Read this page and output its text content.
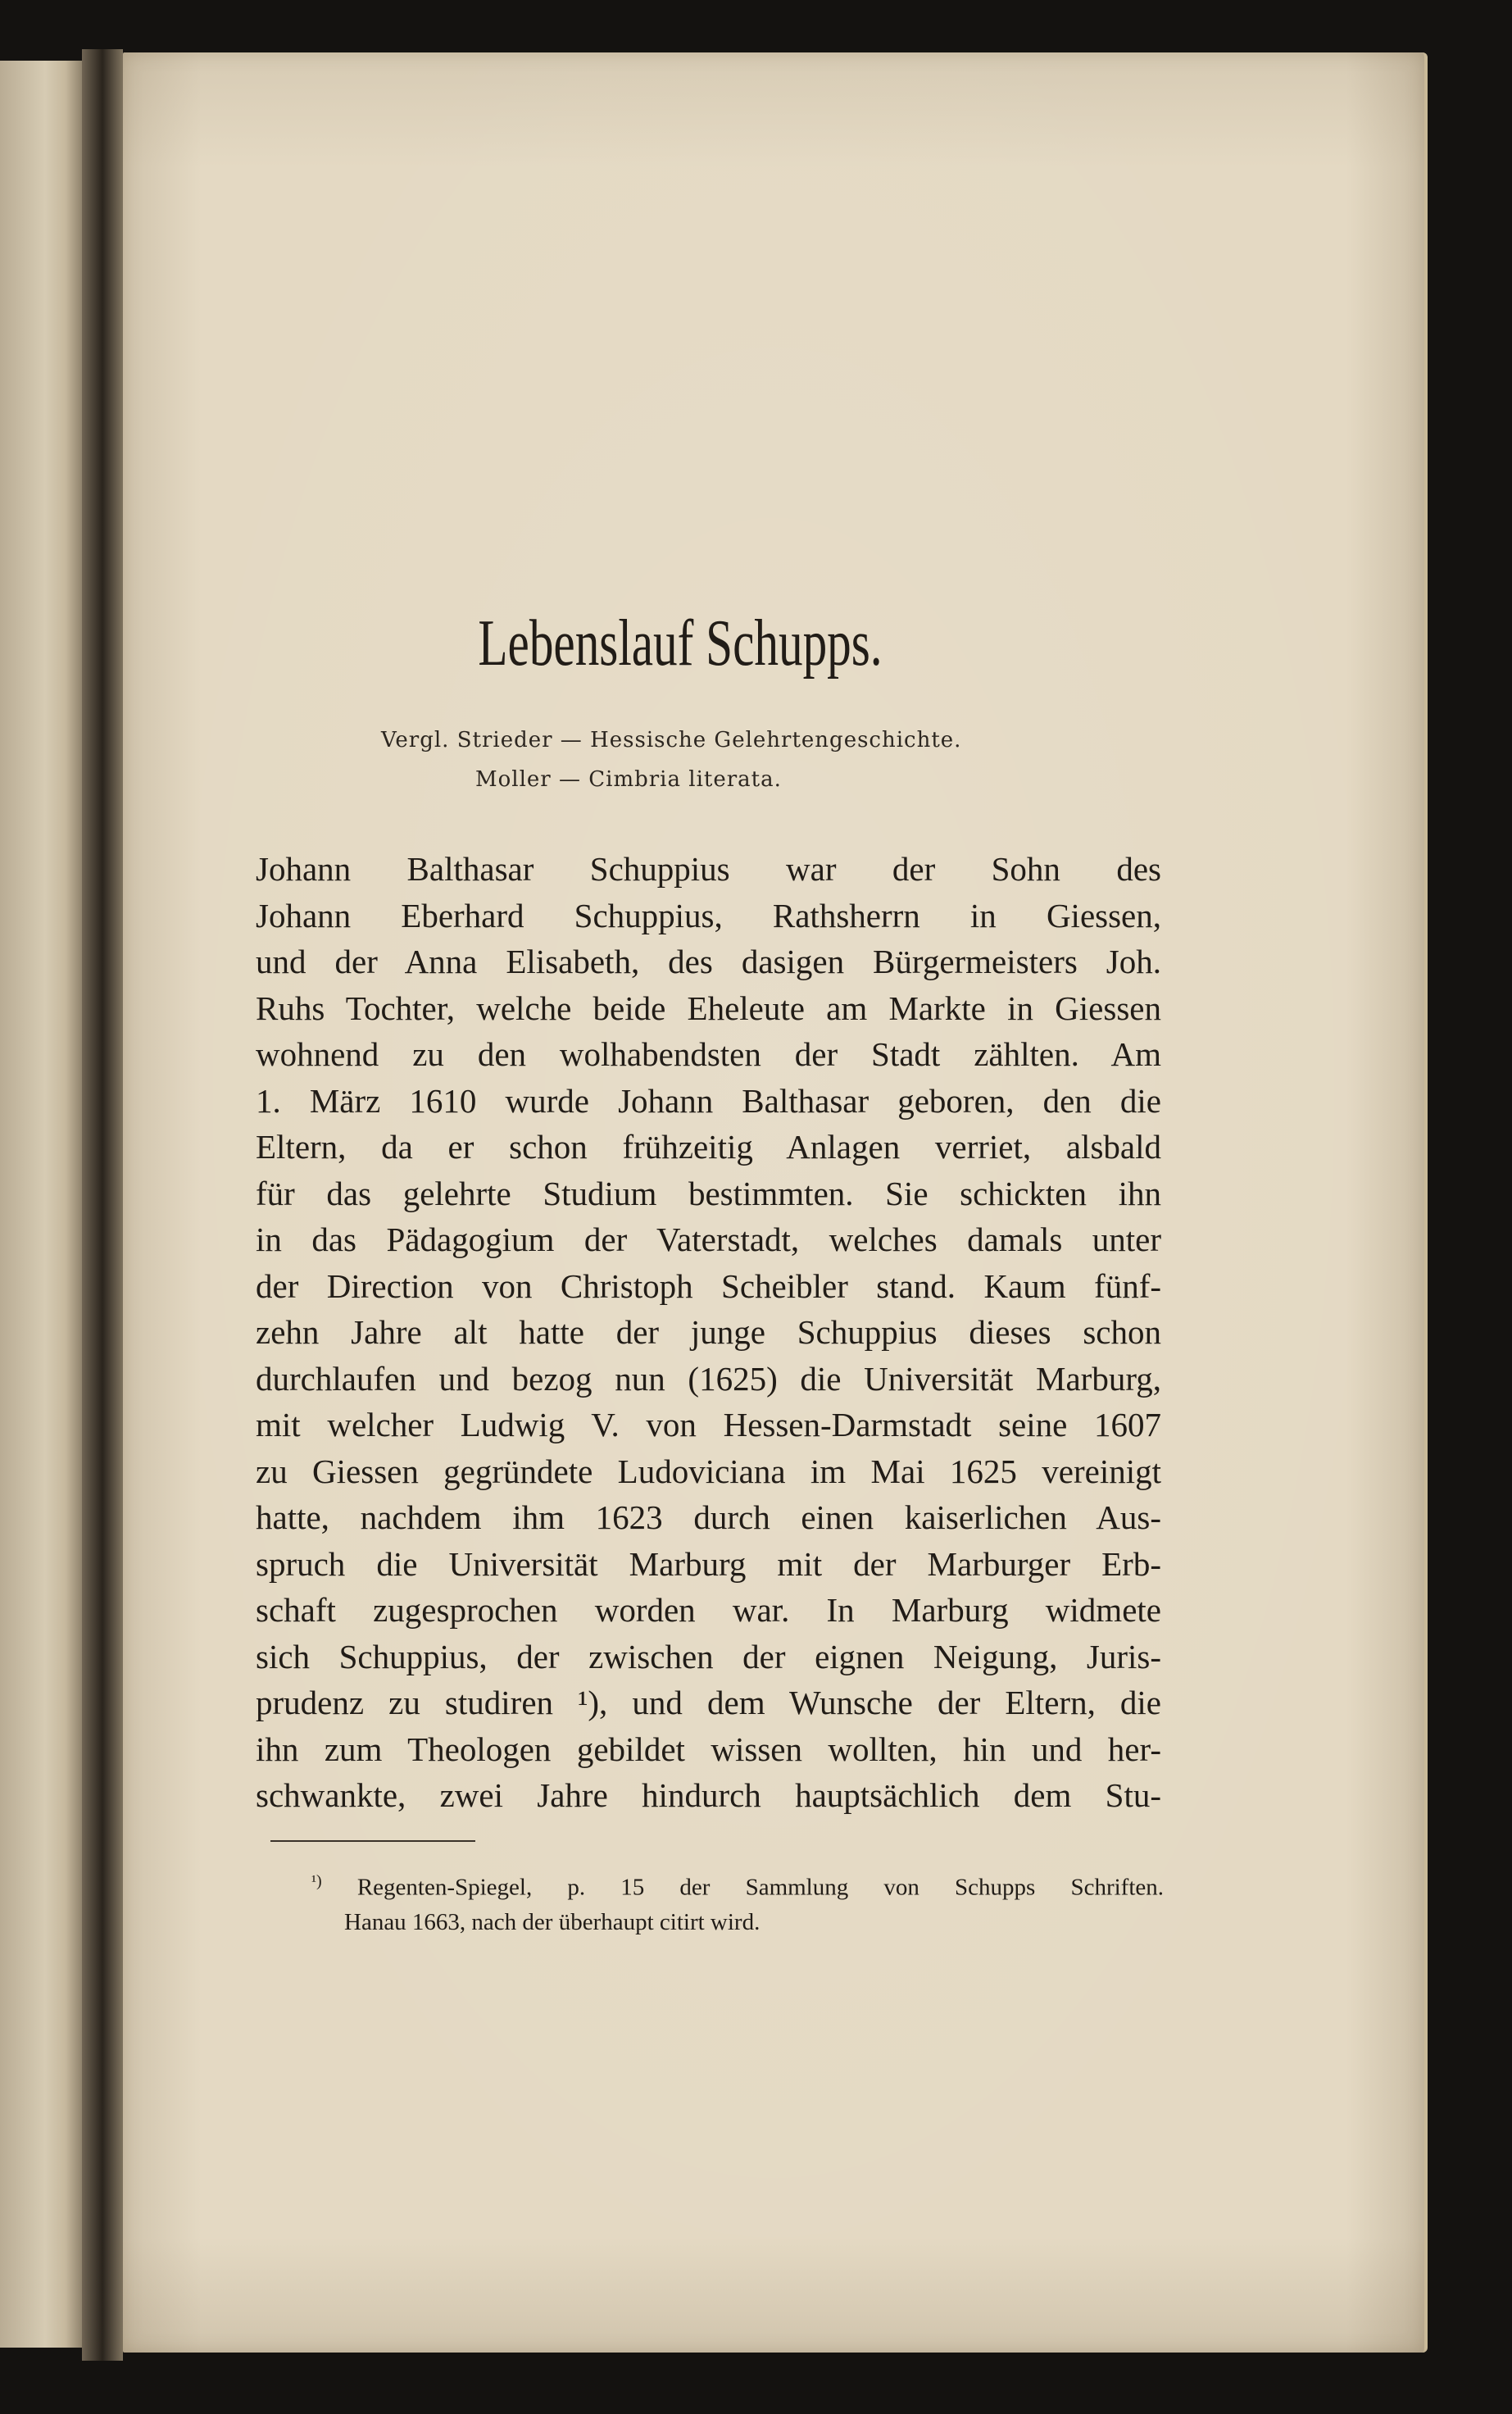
Lebenslauf Schupps.
Vergl. Strieder — Hessische Gelehrtengeschichte.
Moller — Cimbria literata.
Johann Balthasar Schuppius war der Sohn des
Johann Eberhard Schuppius, Rathsherrn in Giessen,
und der Anna Elisabeth, des dasigen Bürgermeisters Joh.
Ruhs Tochter, welche beide Eheleute am Markte in Giessen
wohnend zu den wolhabendsten der Stadt zählten. Am
1. März 1610 wurde Johann Balthasar geboren, den die
Eltern, da er schon frühzeitig Anlagen verriet, alsbald
für das gelehrte Studium bestimmten. Sie schickten ihn
in das Pädagogium der Vaterstadt, welches damals unter
der Direction von Christoph Scheibler stand. Kaum fünf-
zehn Jahre alt hatte der junge Schuppius dieses schon
durchlaufen und bezog nun (1625) die Universität Marburg,
mit welcher Ludwig V. von Hessen-Darmstadt seine 1607
zu Giessen gegründete Ludoviciana im Mai 1625 vereinigt
hatte, nachdem ihm 1623 durch einen kaiserlichen Aus-
spruch die Universität Marburg mit der Marburger Erb-
schaft zugesprochen worden war. In Marburg widmete
sich Schuppius, der zwischen der eignen Neigung, Juris-
prudenz zu studiren ¹), und dem Wunsche der Eltern, die
ihn zum Theologen gebildet wissen wollten, hin und her-
schwankte, zwei Jahre hindurch hauptsächlich dem Stu-
$^{^1)}$ Regenten-Spiegel, p. 15 der Sammlung von Schupps Schriften.
Hanau 1663, nach der überhaupt citirt wird.
